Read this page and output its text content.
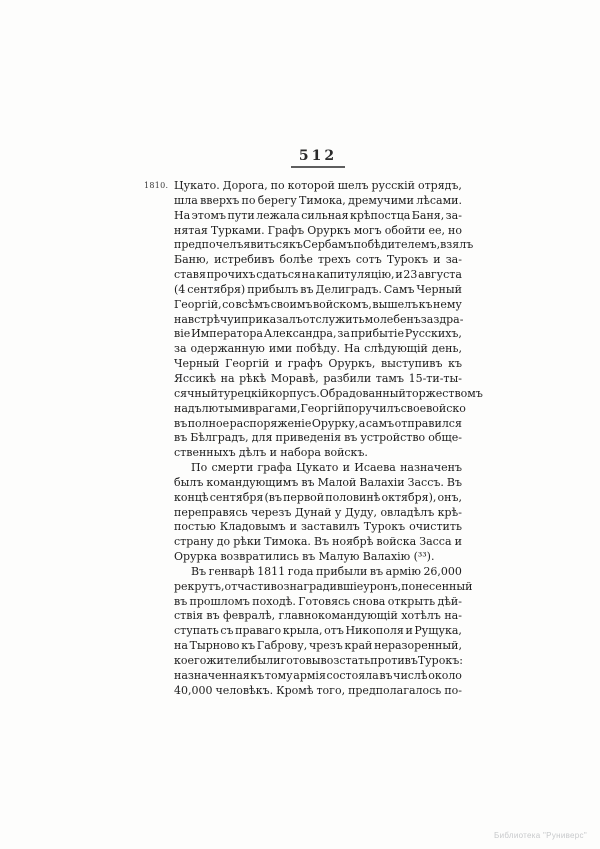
512
1810. Цукато. Дорога, по которой шелъ русскій отрядъ,
шла вверхъ по берегу Тимока, дремучими лѣсами.
На этомъ пути лежала сильная крѣпостца Баня, за-
нятая Турками. Графъ Оруркъ могъ обойти ее, но
предпочелъ явиться къ Сербамъ побѣдителемъ, взялъ
Баню, истребивъ болѣе трехъ сотъ Турокъ и за-
ставя прочихъ сдаться на капитуляцію, и 23 августа
(4 сентября) прибылъ въ Делиградъ. Самъ Черный
Георгій, со всѣмъ своимъ войскомъ, вышелъ къ нему
на встрѣчу и приказалъ отслужить молебенъ за здра-
віе Императора Александра, за прибытіе Русскихъ,
за одержанную ими побѣду. На слѣдующій день,
Черный Георгій и графъ Оруркъ, выступивъ къ
Яссикѣ на рѣкѣ Моравѣ, разбили тамъ 15-ти-ты-
сячный турецкій корпусъ. Обрадованный торжествомъ
надъ лютыми врагами, Георгій поручилъ свое войско
въ полное распоряженіе Орурку, а самъ отправился
въ Бѣлградъ, для приведенія въ устройство обще-
ственныхъ дѣлъ и набора войскъ.
По смерти графа Цукато и Исаева назначенъ
былъ командующимъ въ Малой Валахіи Зассъ. Въ
концѣ сентября (въ первой половинѣ октября), онъ,
переправясь черезъ Дунай у Дуду, овладѣлъ крѣ-
постью Кладовымъ и заставилъ Турокъ очистить
страну до рѣки Тимока. Въ ноябрѣ войска Засса и
Орурка возвратились въ Малую Валахію (³³).
Въ генварѣ 1811 года прибыли въ армію 26,000
рекрутъ, отчасти вознаградившіе уронъ, понесенный
въ прошломъ походѣ. Готовясь снова открыть дѣй-
ствія въ февралѣ, главнокомандующій хотѣлъ на-
ступать съ праваго крыла, отъ Никополя и Рущука,
на Тырново къ Габрову, чрезъ край неразоренный,
коего жители были готовы возстать противъ Турокъ:
назначенная къ тому армія состояла въ числѣ около
40,000 человѣкъ. Кромѣ того, предполагалось по-
Библиотека "Руниверс"
